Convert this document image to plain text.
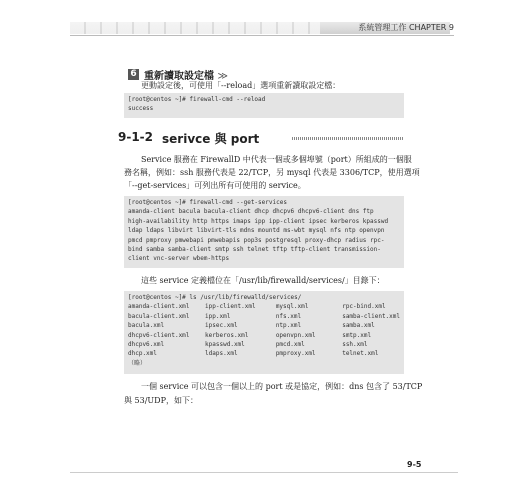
系統管理工作 CHAPTER 9
6 重新讀取設定檔 ≫
更動設定後，可使用「--reload」選項重新讀取設定檔：
[root@centos ~]# firewall-cmd --reload
success
9-1-2 serivce 與 port
Service 服務在 FirewallD 中代表一個或多個埠號（port）所組成的一個服
務名稱，例如：ssh 服務代表是 22/TCP，另 mysql 代表是 3306/TCP，使用選項
「--get-services」可列出所有可使用的 service。
[root@centos ~]# firewall-cmd --get-services
amanda-client bacula bacula-client dhcp dhcpv6 dhcpv6-client dns ftp
high-availability http https imaps ipp ipp-client ipsec kerberos kpasswd
ldap ldaps libvirt libvirt-tls mdns mountd ms-wbt mysql nfs ntp openvpn
pmcd pmproxy pmwebapi pmwebapis pop3s postgresql proxy-dhcp radius rpc-
bind samba samba-client smtp ssh telnet tftp tftp-client transmission-
client vnc-server wbem-https
這些 service 定義檔位在「/usr/lib/firewalld/services/」目錄下：
[root@centos ~]# ls /usr/lib/firewalld/services/
amanda-client.xml	ipp-client.xml	mysql.xml	rpc-bind.xml
bacula-client.xml	ipp.xml	nfs.xml	samba-client.xml
bacula.xml	ipsec.xml	ntp.xml	samba.xml
dhcpv6-client.xml	kerberos.xml	openvpn.xml	smtp.xml
dhcpv6.xml	kpasswd.xml	pmcd.xml	ssh.xml
dhcp.xml	ldaps.xml	pmproxy.xml	telnet.xml
（略）
一個 service 可以包含一個以上的 port 或是協定，例如：dns 包含了 53/TCP
與 53/UDP，如下：
9-5
